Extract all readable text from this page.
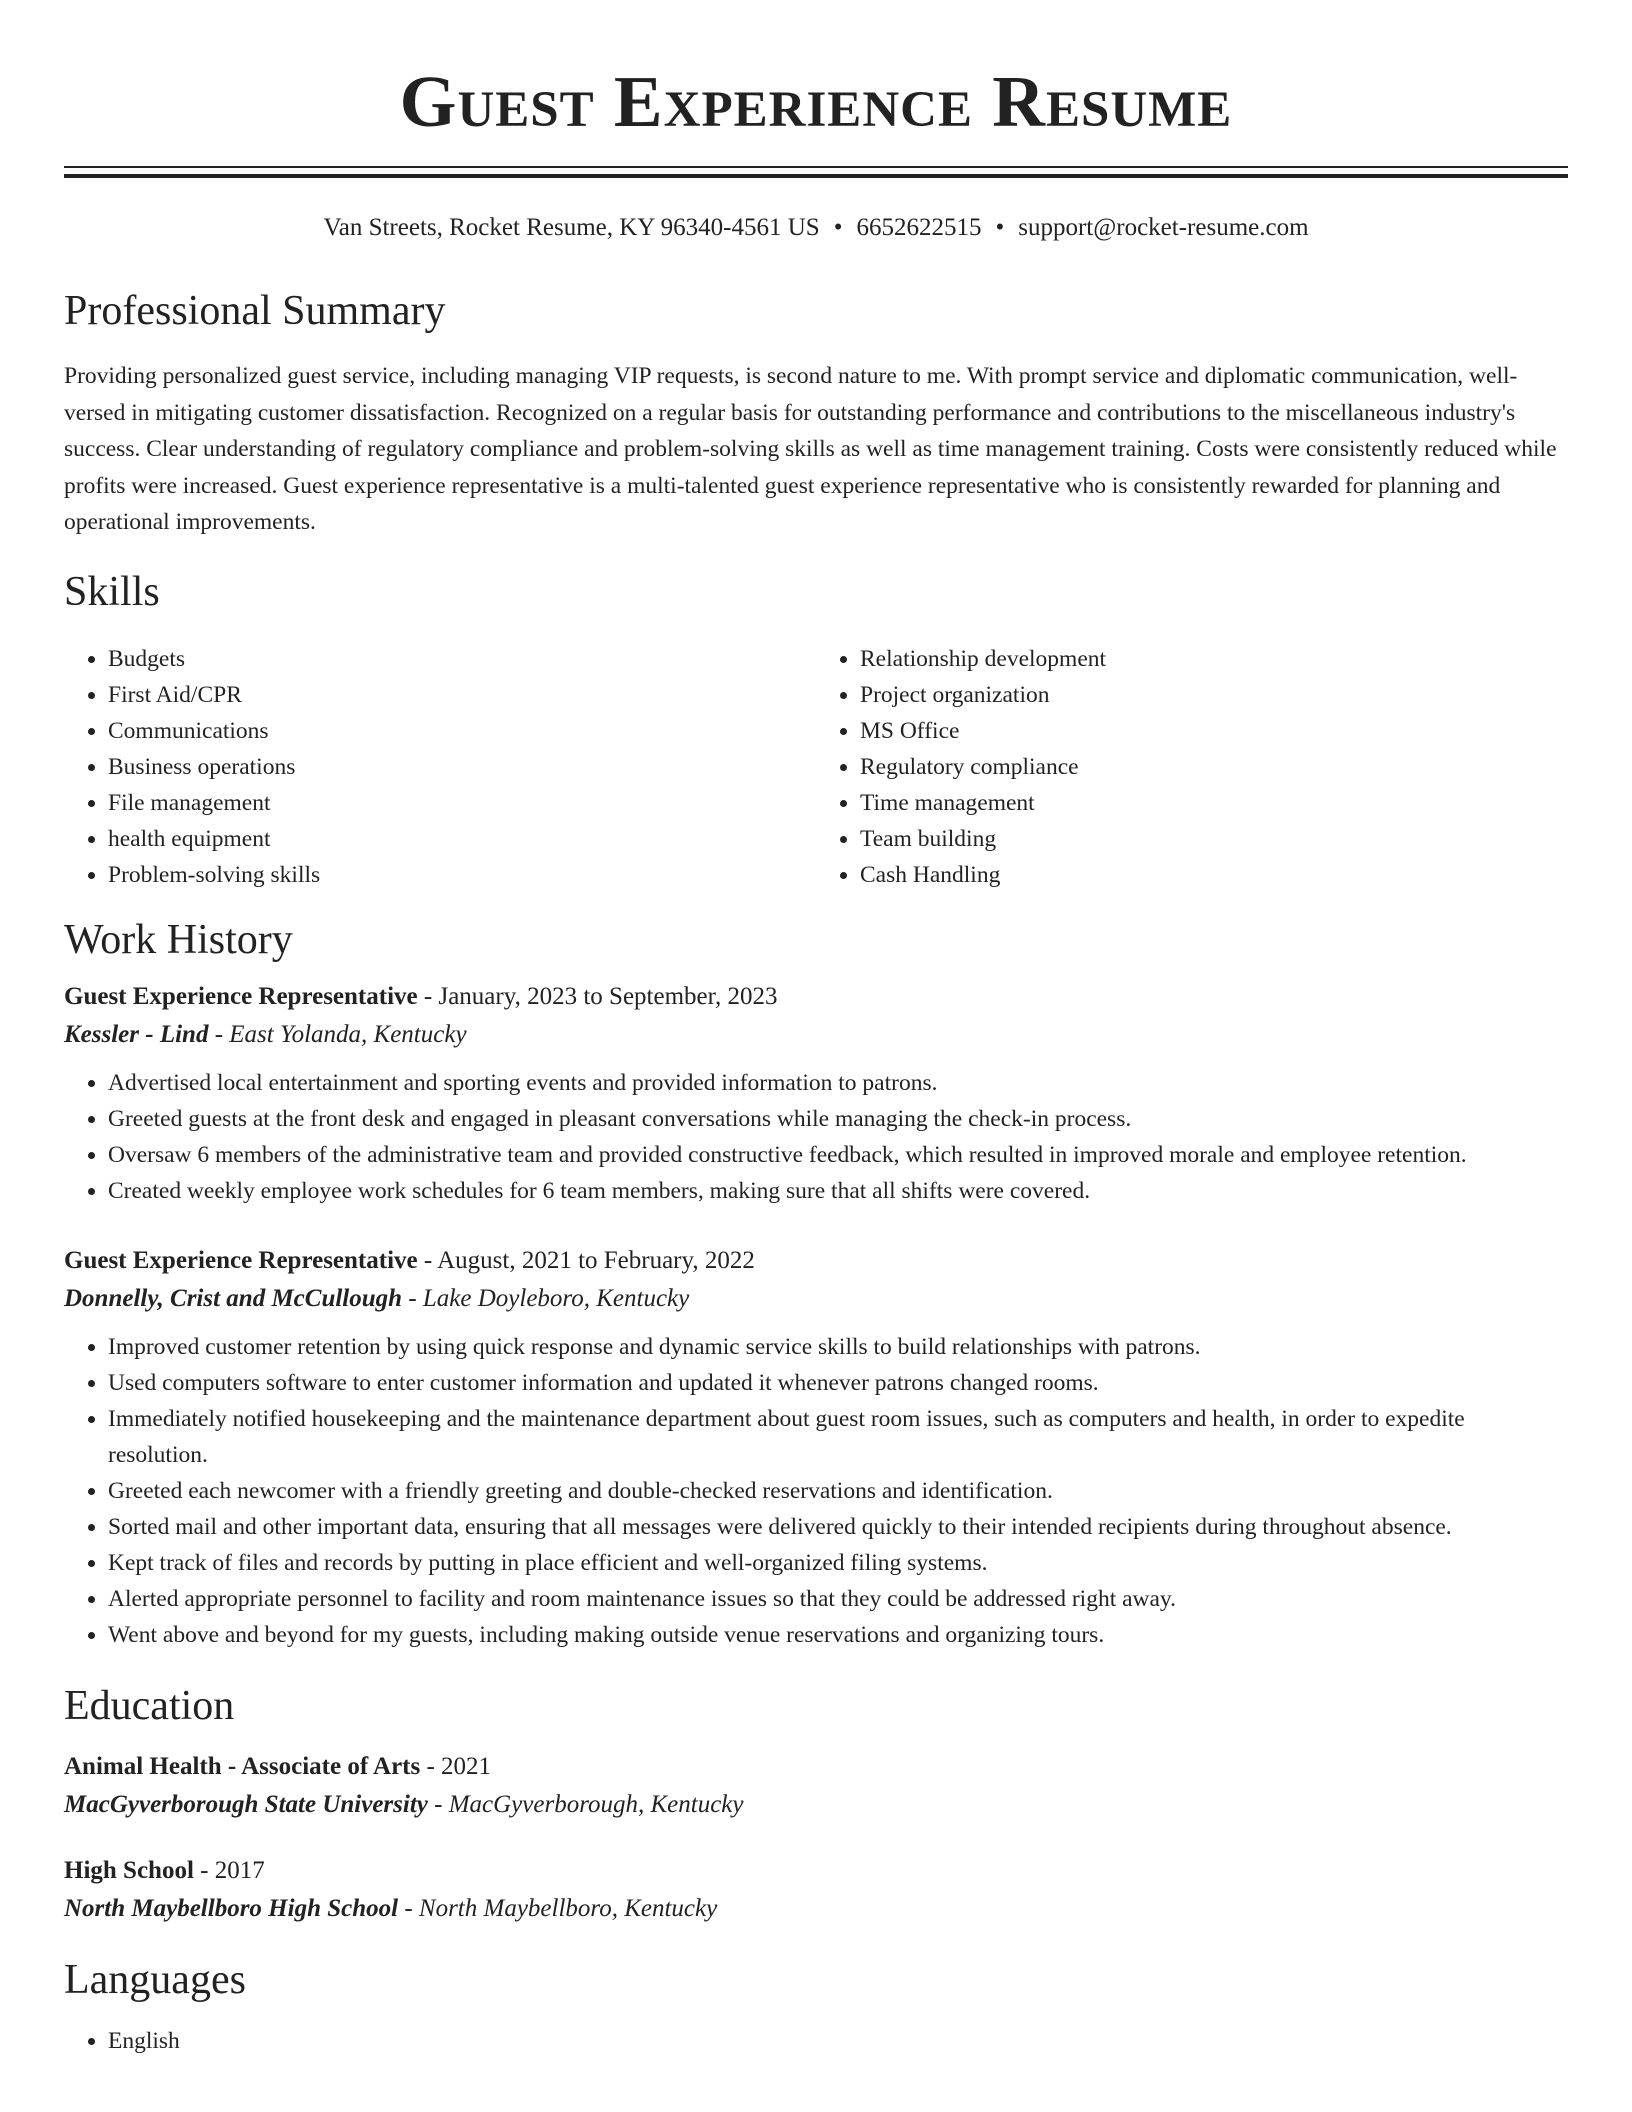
Guest Experience Resume
Van Streets, Rocket Resume, KY 96340-4561 US • 6652622515 • support@rocket-resume.com
Professional Summary

Providing personalized guest service, including managing VIP requests, is second nature to me. With prompt service and diplomatic communication, well-versed in mitigating customer dissatisfaction. Recognized on a regular basis for outstanding performance and contributions to the miscellaneous industry's success. Clear understanding of regulatory compliance and problem-solving skills as well as time management training. Costs were consistently reduced while profits were increased. Guest experience representative is a multi-talented guest experience representative who is consistently rewarded for planning and operational improvements.

Skills
• Budgets
• First Aid/CPR
• Communications
• Business operations
• File management
• health equipment
• Problem-solving skills
• Relationship development
• Project organization
• MS Office
• Regulatory compliance
• Time management
• Team building
• Cash Handling
Work History
Guest Experience Representative - January, 2023 to September, 2023
Kessler - Lind - East Yolanda, Kentucky
• Advertised local entertainment and sporting events and provided information to patrons.
• Greeted guests at the front desk and engaged in pleasant conversations while managing the check-in process.
• Oversaw 6 members of the administrative team and provided constructive feedback, which resulted in improved morale and employee retention.
• Created weekly employee work schedules for 6 team members, making sure that all shifts were covered.
Guest Experience Representative - August, 2021 to February, 2022
Donnelly, Crist and McCullough - Lake Doyleboro, Kentucky
• Improved customer retention by using quick response and dynamic service skills to build relationships with patrons.
• Used computers software to enter customer information and updated it whenever patrons changed rooms.
• Immediately notified housekeeping and the maintenance department about guest room issues, such as computers and health, in order to expedite resolution.
• Greeted each newcomer with a friendly greeting and double-checked reservations and identification.
• Sorted mail and other important data, ensuring that all messages were delivered quickly to their intended recipients during throughout absence.
• Kept track of files and records by putting in place efficient and well-organized filing systems.
• Alerted appropriate personnel to facility and room maintenance issues so that they could be addressed right away.
• Went above and beyond for my guests, including making outside venue reservations and organizing tours.
Education
Animal Health - Associate of Arts - 2021
MacGyverborough State University - MacGyverborough, Kentucky
High School - 2017
North Maybellboro High School - North Maybellboro, Kentucky
Languages
• English
